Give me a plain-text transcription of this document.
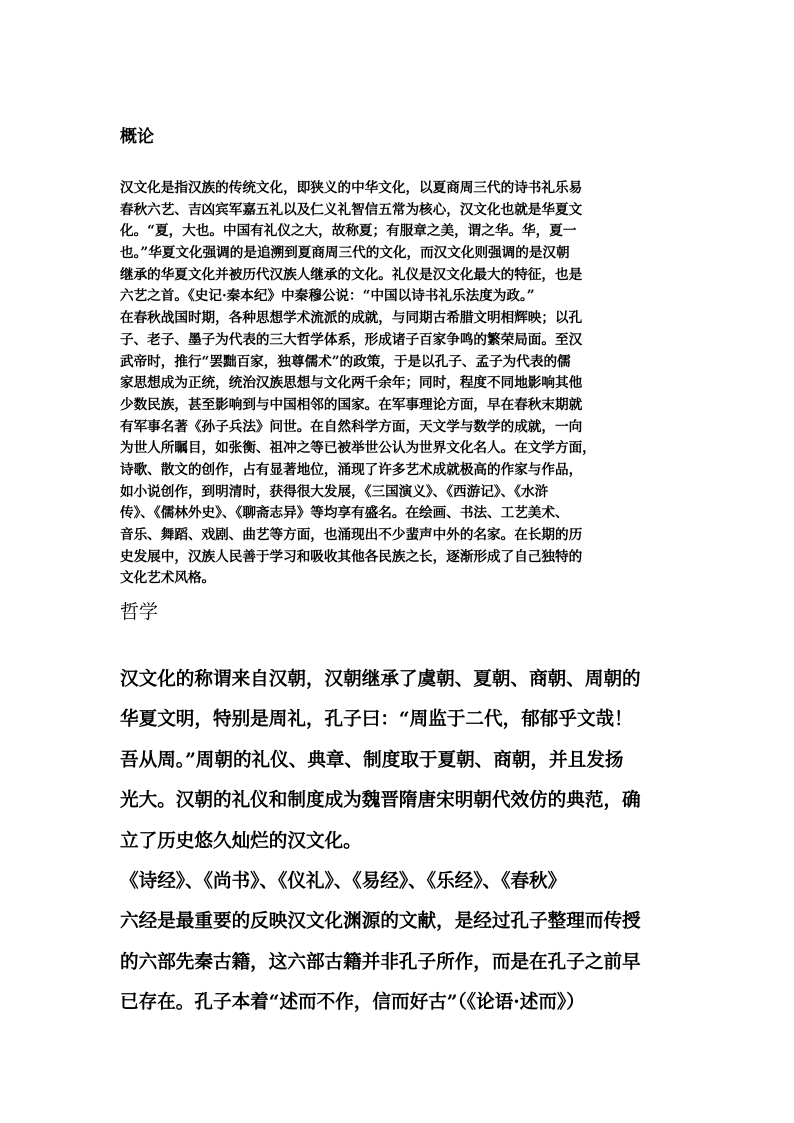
概论
汉文化是指汉族的传统文化，即狭义的中华文化，以夏商周三代的诗书礼乐易
春秋六艺、吉凶宾军嘉五礼以及仁义礼智信五常为核心，汉文化也就是华夏文
化。“夏，大也。中国有礼仪之大，故称夏；有服章之美，谓之华。华，夏一
也。”华夏文化强调的是追溯到夏商周三代的文化，而汉文化则强调的是汉朝
继承的华夏文化并被历代汉族人继承的文化。礼仪是汉文化最大的特征，也是
六艺之首。《史记·秦本纪》中秦穆公说：“中国以诗书礼乐法度为政。”
在春秋战国时期，各种思想学术流派的成就，与同期古希腊文明相辉映；以孔
子、老子、墨子为代表的三大哲学体系，形成诸子百家争鸣的繁荣局面。至汉
武帝时，推行“罢黜百家，独尊儒术”的政策，于是以孔子、孟子为代表的儒
家思想成为正统，统治汉族思想与文化两千余年；同时，程度不同地影响其他
少数民族，甚至影响到与中国相邻的国家。在军事理论方面，早在春秋末期就
有军事名著《孙子兵法》问世。在自然科学方面，天文学与数学的成就，一向
为世人所瞩目，如张衡、祖冲之等已被举世公认为世界文化名人。在文学方面，
诗歌、散文的创作，占有显著地位，涌现了许多艺术成就极高的作家与作品，
如小说创作，到明清时，获得很大发展，《三国演义》、《西游记》、《水浒
传》、《儒林外史》、《聊斋志异》等均享有盛名。在绘画、书法、工艺美术、
音乐、舞蹈、戏剧、曲艺等方面，也涌现出不少蜚声中外的名家。在长期的历
史发展中，汉族人民善于学习和吸收其他各民族之长，逐渐形成了自己独特的
文化艺术风格。
哲学
汉文化的称谓来自汉朝，汉朝继承了虞朝、夏朝、商朝、周朝的
华夏文明，特别是周礼，孔子曰：“周监于二代，郁郁乎文哉！
吾从周。”周朝的礼仪、典章、制度取于夏朝、商朝，并且发扬
光大。汉朝的礼仪和制度成为魏晋隋唐宋明朝代效仿的典范，确
立了历史悠久灿烂的汉文化。
《诗经》、《尚书》、《仪礼》、《易经》、《乐经》、《春秋》
六经是最重要的反映汉文化渊源的文献，是经过孔子整理而传授
的六部先秦古籍，这六部古籍并非孔子所作，而是在孔子之前早
已存在。孔子本着“述而不作，信而好古”（《论语·述而》）
